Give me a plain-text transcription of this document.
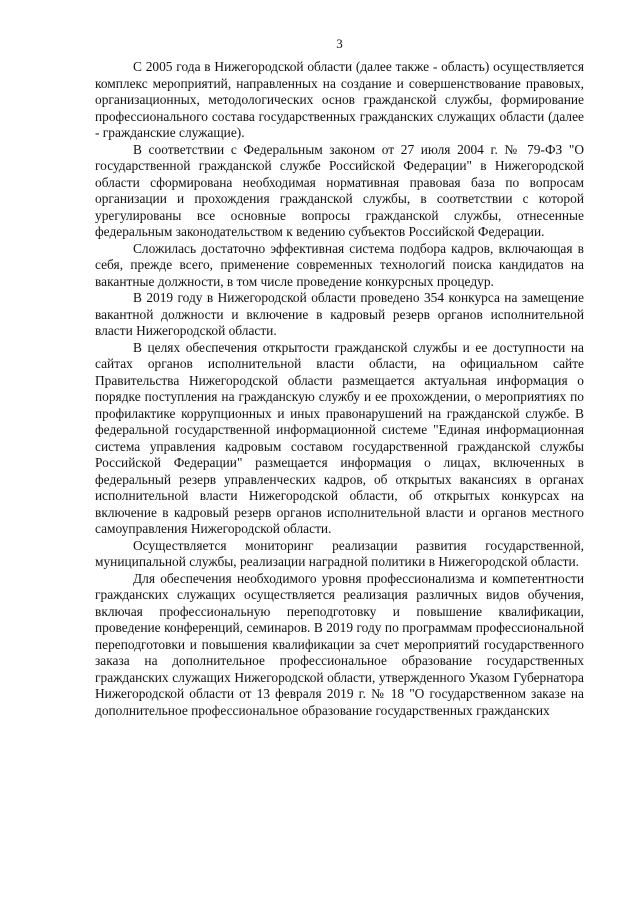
3

С 2005 года в Нижегородской области (далее также - область) осуществляется комплекс мероприятий, направленных на создание и совершенствование правовых, организационных, методологических основ гражданской службы, формирование профессионального состава государственных гражданских служащих области (далее - гражданские служащие).

В соответствии с Федеральным законом от 27 июля 2004 г. № 79-ФЗ "О государственной гражданской службе Российской Федерации" в Нижегородской области сформирована необходимая нормативная правовая база по вопросам организации и прохождения гражданской службы, в соответствии с которой урегулированы все основные вопросы гражданской службы, отнесенные федеральным законодательством к ведению субъектов Российской Федерации.

Сложилась достаточно эффективная система подбора кадров, включающая в себя, прежде всего, применение современных технологий поиска кандидатов на вакантные должности, в том числе проведение конкурсных процедур.

В 2019 году в Нижегородской области проведено 354 конкурса на замещение вакантной должности и включение в кадровый резерв органов исполнительной власти Нижегородской области.

В целях обеспечения открытости гражданской службы и ее доступности на сайтах органов исполнительной власти области, на официальном сайте Правительства Нижегородской области размещается актуальная информация о порядке поступления на гражданскую службу и ее прохождении, о мероприятиях по профилактике коррупционных и иных правонарушений на гражданской службе. В федеральной государственной информационной системе "Единая информационная система управления кадровым составом государственной гражданской службы Российской Федерации" размещается информация о лицах, включенных в федеральный резерв управленческих кадров, об открытых вакансиях в органах исполнительной власти Нижегородской области, об открытых конкурсах на включение в кадровый резерв органов исполнительной власти и органов местного самоуправления Нижегородской области.

Осуществляется мониторинг реализации развития государственной, муниципальной службы, реализации наградной политики в Нижегородской области.

Для обеспечения необходимого уровня профессионализма и компетентности гражданских служащих осуществляется реализация различных видов обучения, включая профессиональную переподготовку и повышение квалификации, проведение конференций, семинаров. В 2019 году по программам профессиональной переподготовки и повышения квалификации за счет мероприятий государственного заказа на дополнительное профессиональное образование государственных гражданских служащих Нижегородской области, утвержденного Указом Губернатора Нижегородской области от 13 февраля 2019 г. № 18 "О государственном заказе на дополнительное профессиональное образование государственных гражданских
